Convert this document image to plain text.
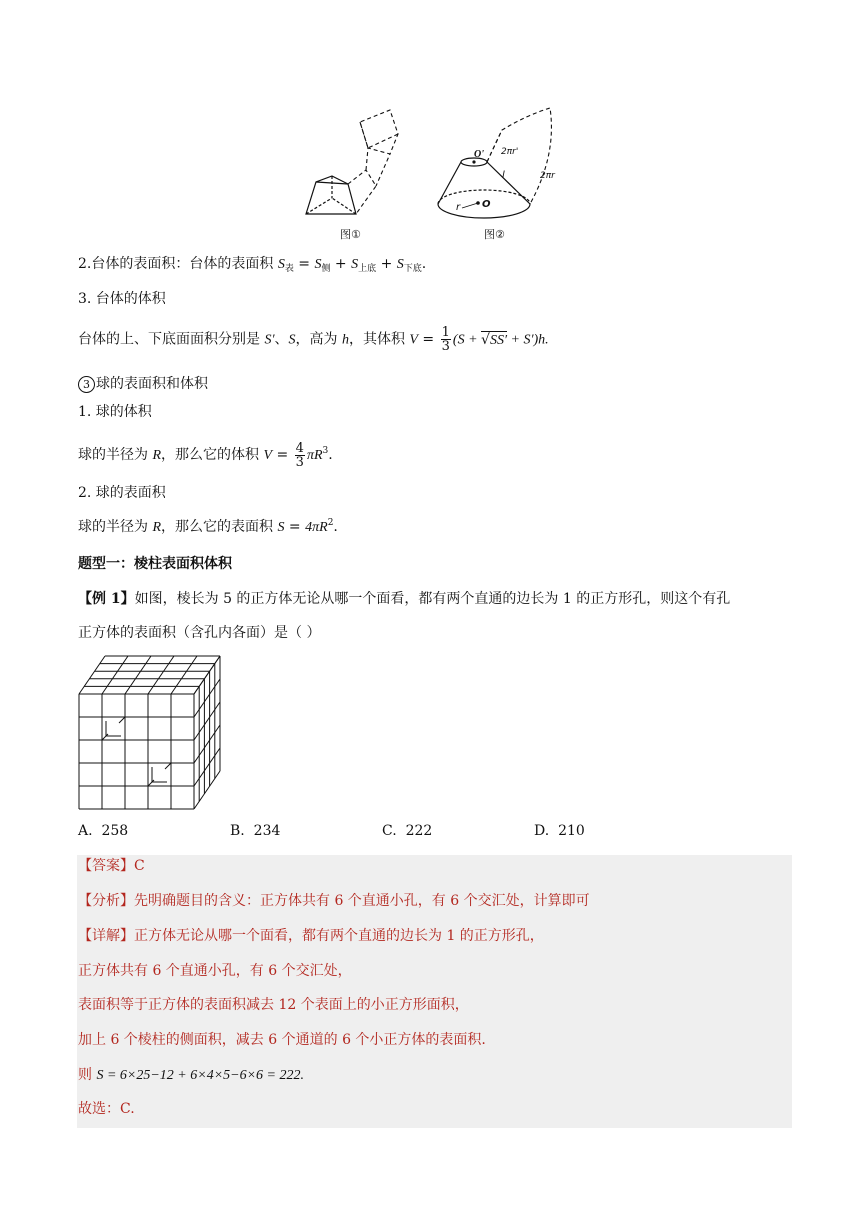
图①
O' 2πr'
l	2πr
r O
图②
2.台体的表面积：台体的表面积 $S_表 = S_侧 + S_{上底} + S_{下底}$.
3. 台体的体积
台体的上、下底面面积分别是 S′、S，高为 h，其体积 $V = \frac{1}{3} (S + √SS' + S')h$.
3 球的表面积和体积
1. 球的体积
球的半径为 R，那么它的体积 $V = \frac{4}{3} \pi R^3$.
2. 球的表面积
球的半径为 R，那么它的表面积 $S = 4\pi R^2$.
题型一：棱柱表面积体积
【例 1】如图，棱长为 5 的正方体无论从哪一个面看，都有两个直通的边长为 1 的正方形孔，则这个有孔
正方体的表面积（含孔内各面）是（ ）
A. 258	B. 234	C. 222	D. 210
【答案】C
【分析】先明确题目的含义：正方体共有 6 个直通小孔，有 6 个交汇处，计算即可
【详解】正方体无论从哪一个面看，都有两个直通的边长为 1 的正方形孔，
正方体共有 6 个直通小孔，有 6 个交汇处，
表面积等于正方体的表面积减去 12 个表面上的小正方形面积，
加上 6 个棱柱的侧面积，减去 6 个通道的 6 个小正方体的表面积.
则 S = 6×25−12 + 6×4×5−6×6 = 222.
故选：C.
